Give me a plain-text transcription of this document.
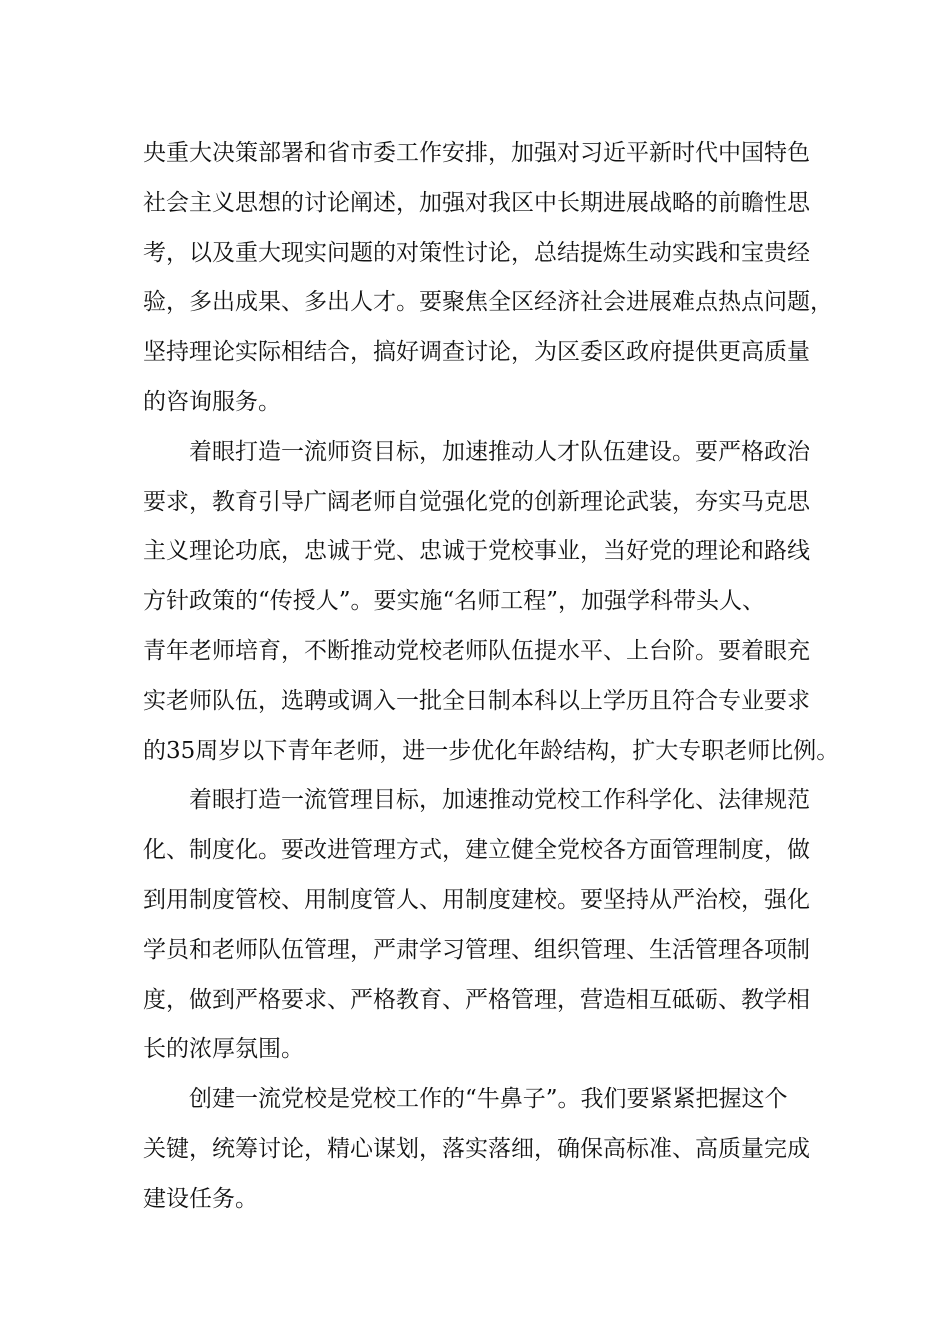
央重大决策部署和省市委工作安排，加强对习近平新时代中国特色
社会主义思想的讨论阐述，加强对我区中长期进展战略的前瞻性思
考，以及重大现实问题的对策性讨论，总结提炼生动实践和宝贵经
验，多出成果、多出人才。要聚焦全区经济社会进展难点热点问题，
坚持理论实际相结合，搞好调查讨论，为区委区政府提供更高质量
的咨询服务。
着眼打造一流师资目标，加速推动人才队伍建设。要严格政治
要求，教育引导广阔老师自觉强化党的创新理论武装，夯实马克思
主义理论功底，忠诚于党、忠诚于党校事业，当好党的理论和路线
方针政策的“传授人”。要实施“名师工程”，加强学科带头人、
青年老师培育，不断推动党校老师队伍提水平、上台阶。要着眼充
实老师队伍，选聘或调入一批全日制本科以上学历且符合专业要求
的35周岁以下青年老师，进一步优化年龄结构，扩大专职老师比例。
着眼打造一流管理目标，加速推动党校工作科学化、法律规范
化、制度化。要改进管理方式，建立健全党校各方面管理制度，做
到用制度管校、用制度管人、用制度建校。要坚持从严治校，强化
学员和老师队伍管理，严肃学习管理、组织管理、生活管理各项制
度，做到严格要求、严格教育、严格管理，营造相互砥砺、教学相
长的浓厚氛围。
创建一流党校是党校工作的“牛鼻子”。我们要紧紧把握这个
关键，统筹讨论，精心谋划，落实落细，确保高标准、高质量完成
建设任务。
